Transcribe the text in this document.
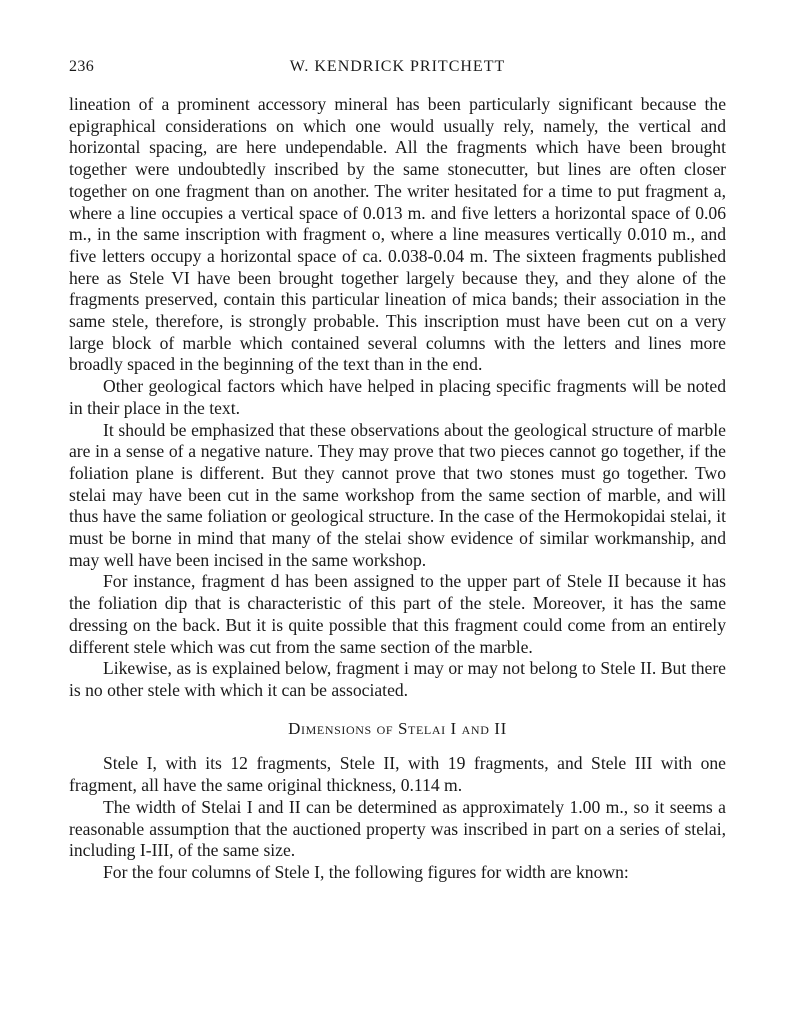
236	W. KENDRICK PRITCHETT

lineation of a prominent accessory mineral has been particularly significant because the epigraphical considerations on which one would usually rely, namely, the vertical and horizontal spacing, are here undependable. All the fragments which have been brought together were undoubtedly inscribed by the same stonecutter, but lines are often closer together on one fragment than on another. The writer hesitated for a time to put fragment a, where a line occupies a vertical space of 0.013 m. and five letters a horizontal space of 0.06 m., in the same inscription with fragment o, where a line measures vertically 0.010 m., and five letters occupy a horizontal space of ca. 0.038-0.04 m. The sixteen fragments published here as Stele VI have been brought together largely because they, and they alone of the fragments preserved, contain this particular lineation of mica bands; their association in the same stele, therefore, is strongly probable. This inscription must have been cut on a very large block of marble which contained several columns with the letters and lines more broadly spaced in the beginning of the text than in the end.

Other geological factors which have helped in placing specific fragments will be noted in their place in the text.

It should be emphasized that these observations about the geological structure of marble are in a sense of a negative nature. They may prove that two pieces cannot go together, if the foliation plane is different. But they cannot prove that two stones must go together. Two stelai may have been cut in the same workshop from the same section of marble, and will thus have the same foliation or geological structure. In the case of the Hermokopidai stelai, it must be borne in mind that many of the stelai show evidence of similar workmanship, and may well have been incised in the same workshop.

For instance, fragment d has been assigned to the upper part of Stele II because it has the foliation dip that is characteristic of this part of the stele. Moreover, it has the same dressing on the back. But it is quite possible that this fragment could come from an entirely different stele which was cut from the same section of the marble.

Likewise, as is explained below, fragment i may or may not belong to Stele II. But there is no other stele with which it can be associated.

Dimensions of Stelai I and II

Stele I, with its 12 fragments, Stele II, with 19 fragments, and Stele III with one fragment, all have the same original thickness, 0.114 m.

The width of Stelai I and II can be determined as approximately 1.00 m., so it seems a reasonable assumption that the auctioned property was inscribed in part on a series of stelai, including I-III, of the same size.

For the four columns of Stele I, the following figures for width are known:
